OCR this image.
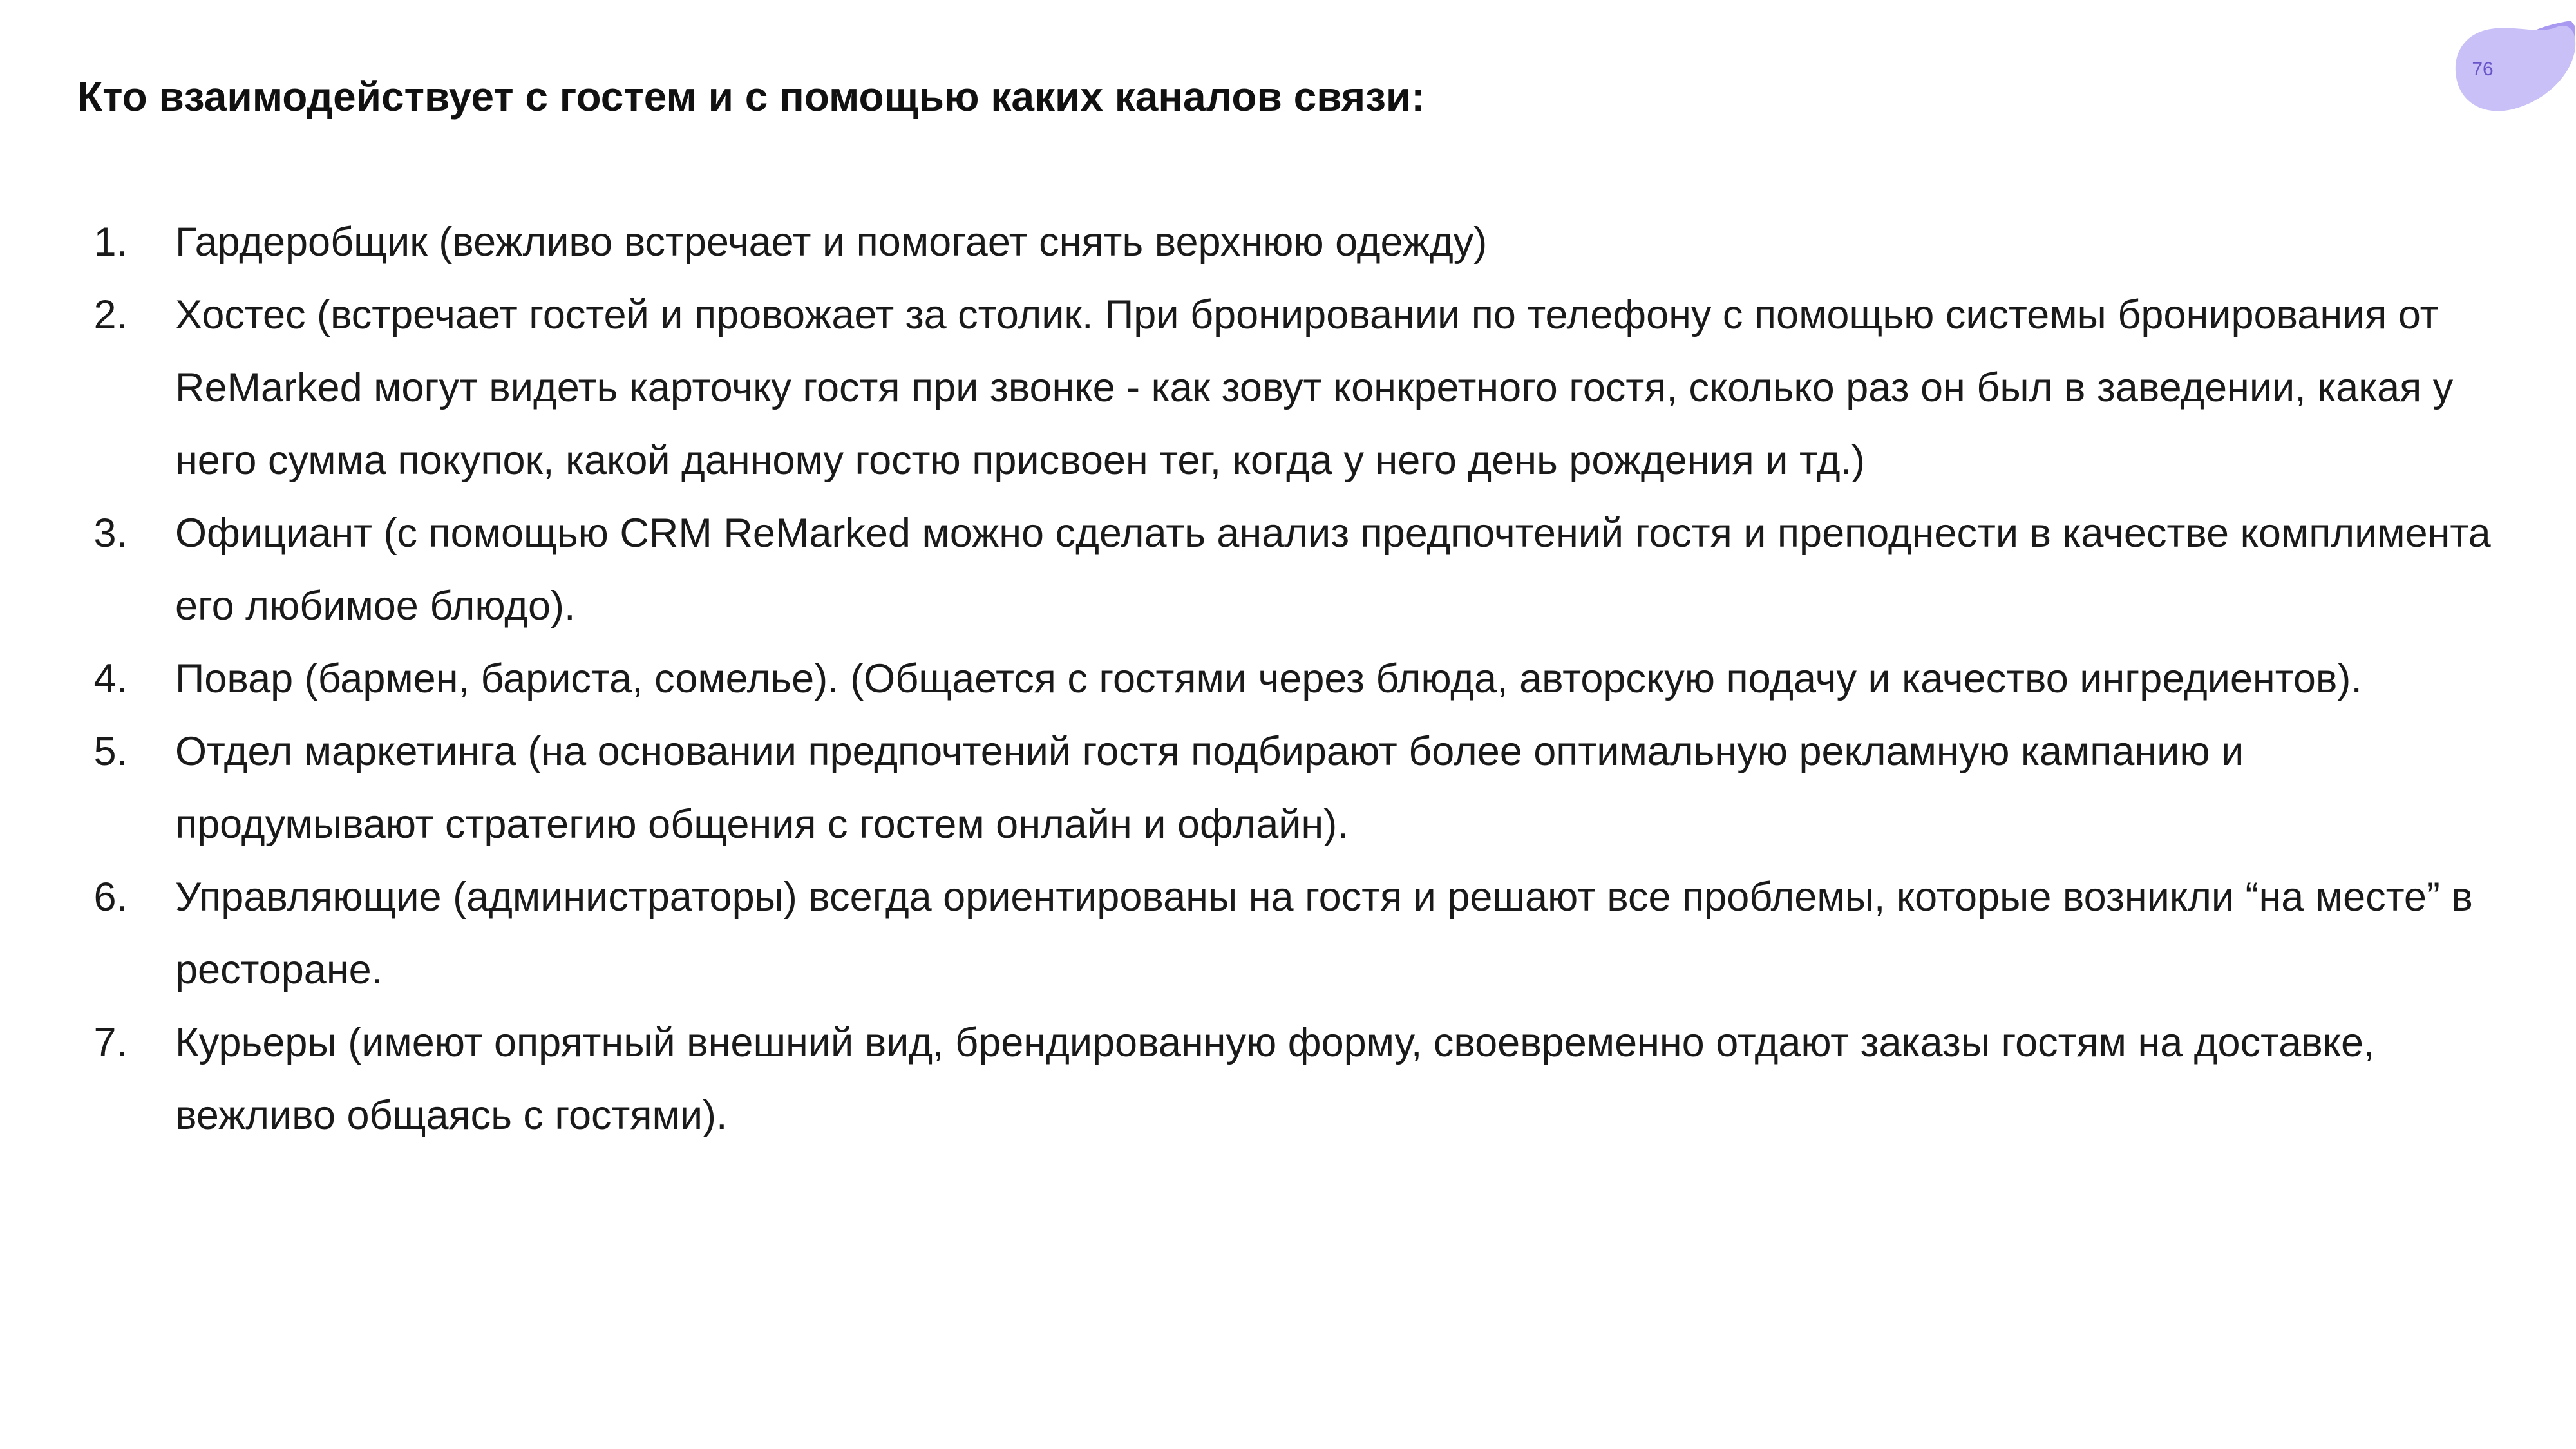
Кто взаимодействует с гостем и с помощью каких каналов связи:
76
1. Гардеробщик (вежливо встречает и помогает снять верхнюю одежду)
2. Хостес (встречает гостей и провожает за столик. При бронировании по телефону с помощью системы бронирования от ReMarked могут видеть карточку гостя при звонке - как зовут конкретного гостя, сколько раз он был в заведении, какая у него сумма покупок, какой данному гостю присвоен тег, когда у него день рождения и тд.)
3. Официант (с помощью CRM ReMarked можно сделать анализ предпочтений гостя и преподнести в качестве комплимента его любимое блюдо).
4. Повар (бармен, бариста, сомелье). (Общается с гостями через блюда, авторскую подачу и качество ингредиентов).
5. Отдел маркетинга (на основании предпочтений гостя подбирают более оптимальную рекламную кампанию и продумывают стратегию общения с гостем онлайн и офлайн).
6. Управляющие (администраторы) всегда ориентированы на гостя и решают все проблемы, которые возникли “на месте” в ресторане.
7. Курьеры (имеют опрятный внешний вид, брендированную форму, своевременно отдают заказы гостям на доставке, вежливо общаясь с гостями).
